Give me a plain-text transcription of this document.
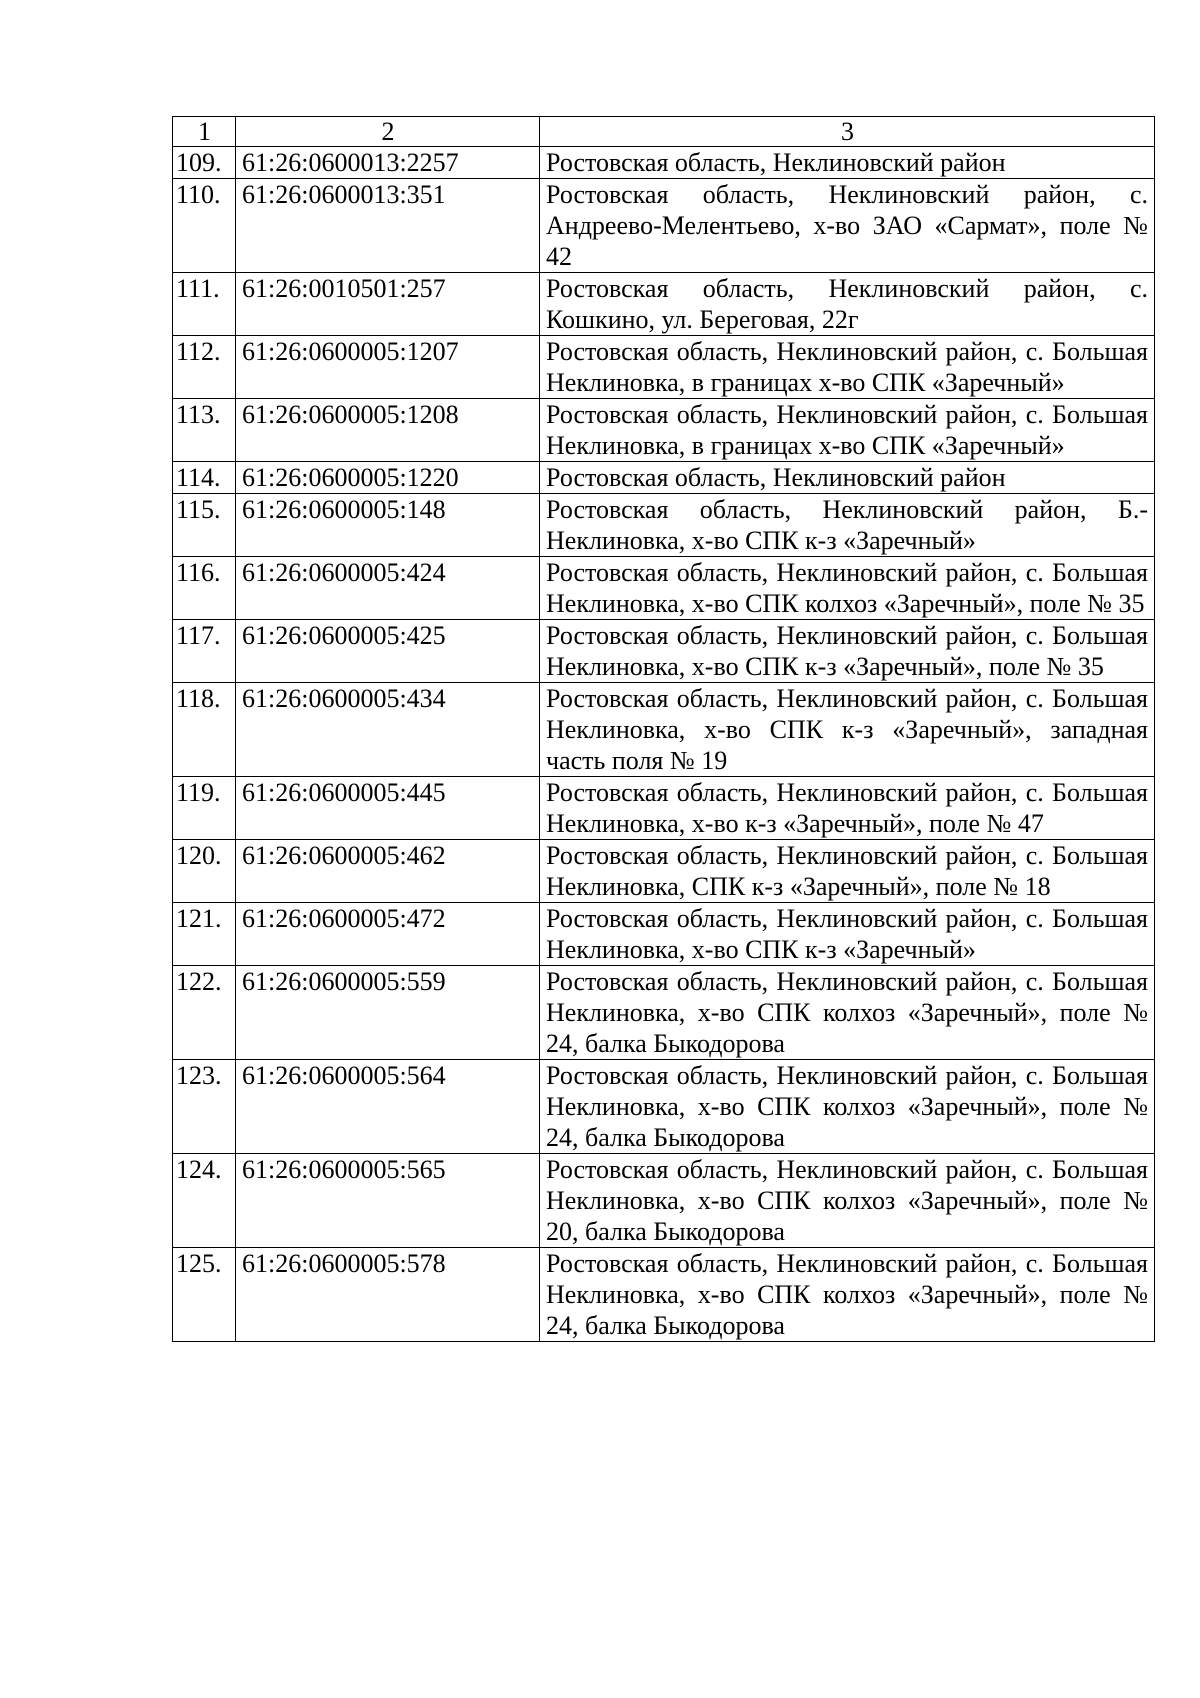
1	2	3
109.	61:26:0600013:2257	Ростовская область, Неклиновский район
110.	61:26:0600013:351	Ростовская область, Неклиновский район, с. Андреево-Мелентьево, х-во ЗАО «Сармат», поле № 42
111.	61:26:0010501:257	Ростовская область, Неклиновский район, с. Кошкино, ул. Береговая, 22г
112.	61:26:0600005:1207	Ростовская область, Неклиновский район, с. Большая Неклиновка, в границах х-во СПК «Заречный»
113.	61:26:0600005:1208	Ростовская область, Неклиновский район, с. Большая Неклиновка, в границах х-во СПК «Заречный»
114.	61:26:0600005:1220	Ростовская область, Неклиновский район
115.	61:26:0600005:148	Ростовская область, Неклиновский район, Б.-Неклиновка, х-во СПК к-з «Заречный»
116.	61:26:0600005:424	Ростовская область, Неклиновский район, с. Большая Неклиновка, х-во СПК колхоз «Заречный», поле № 35
117.	61:26:0600005:425	Ростовская область, Неклиновский район, с. Большая Неклиновка, х-во СПК к-з «Заречный», поле № 35
118.	61:26:0600005:434	Ростовская область, Неклиновский район, с. Большая Неклиновка, х-во СПК к-з «Заречный», западная часть поля № 19
119.	61:26:0600005:445	Ростовская область, Неклиновский район, с. Большая Неклиновка, х-во к-з «Заречный», поле № 47
120.	61:26:0600005:462	Ростовская область, Неклиновский район, с. Большая Неклиновка, СПК к-з «Заречный», поле № 18
121.	61:26:0600005:472	Ростовская область, Неклиновский район, с. Большая Неклиновка, х-во СПК к-з «Заречный»
122.	61:26:0600005:559	Ростовская область, Неклиновский район, с. Большая Неклиновка, х-во СПК колхоз «Заречный», поле № 24, балка Быкодорова
123.	61:26:0600005:564	Ростовская область, Неклиновский район, с. Большая Неклиновка, х-во СПК колхоз «Заречный», поле № 24, балка Быкодорова
124.	61:26:0600005:565	Ростовская область, Неклиновский район, с. Большая Неклиновка, х-во СПК колхоз «Заречный», поле № 20, балка Быкодорова
125.	61:26:0600005:578	Ростовская область, Неклиновский район, с. Большая Неклиновка, х-во СПК колхоз «Заречный», поле № 24, балка Быкодорова
